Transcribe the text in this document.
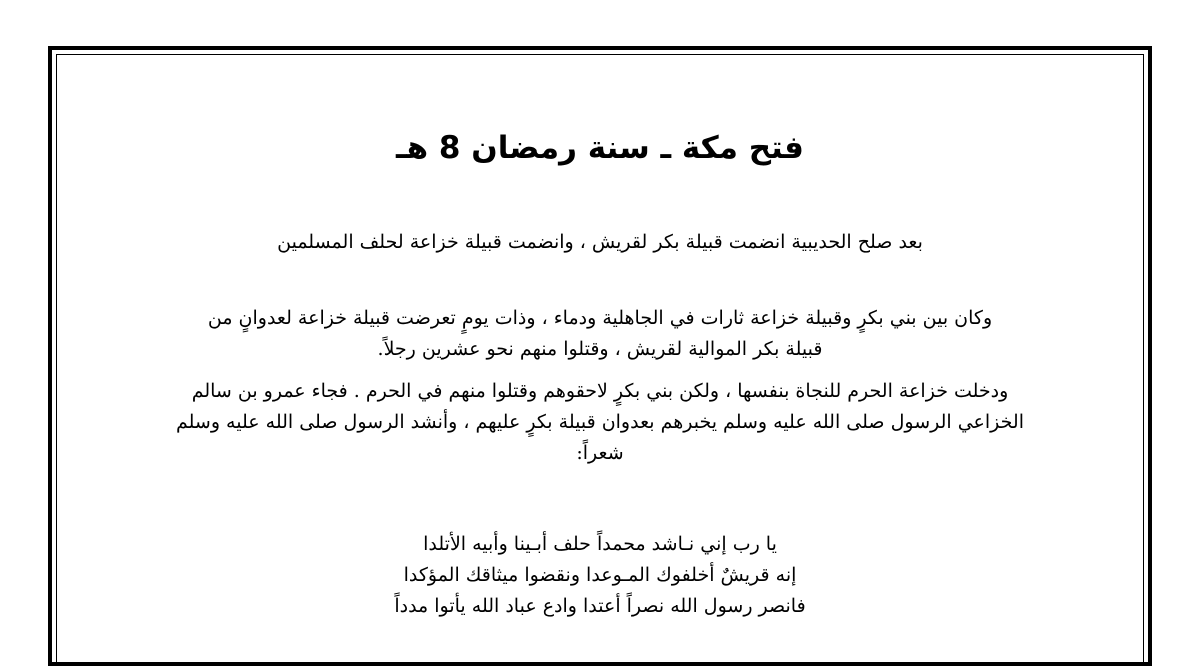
فتح مكة ـ سنة رمضان 8 هـ

بعد صلح الحديبية انضمت قبيلة بكر لقريش ، وانضمت قبيلة خزاعة لحلف المسلمين

وكان بين بني بكرٍ وقبيلة خزاعة ثارات في الجاهلية ودماء ، وذات يومٍ تعرضت قبيلة خزاعة لعدوانٍ من
قبيلة بكر الموالية لقريش ، وقتلوا منهم نحو عشرين رجلاً.

ودخلت خزاعة الحرم للنجاة بنفسها ، ولكن بني بكرٍ لاحقوهم وقتلوا منهم في الحرم . فجاء عمرو بن سالم
الخزاعي الرسول صلى الله عليه وسلم يخبرهم بعدوان قبيلة بكرٍ عليهم ، وأنشد الرسول صلى الله عليه وسلم
شعراً:

يا رب إني نـاشد محمداً حلف أبـينا وأبيه الأتلدا
إنه قريشٌ أخلفوك المـوعدا ونقضوا ميثاقك المؤكدا
فانصر رسول الله نصراً أعتدا وادع عباد الله يأتوا مدداً
